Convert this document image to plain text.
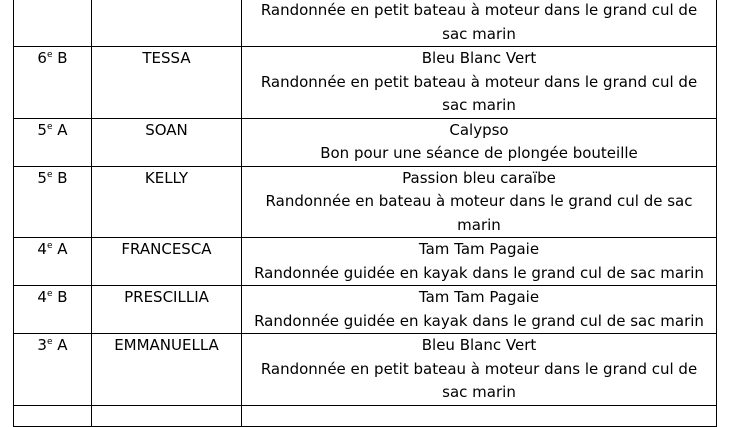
		Randonnée en petit bateau à moteur dans le grand cul de
sac marin

6e B	TESSA	Bleu Blanc Vert
Randonnée en petit bateau à moteur dans le grand cul de
sac marin

5e A	SOAN	Calypso
Bon pour une séance de plongée bouteille

5e B	KELLY	Passion bleu caraïbe
Randonnée en bateau à moteur dans le grand cul de sac
marin

4e A	FRANCESCA	Tam Tam Pagaie
Randonnée guidée en kayak dans le grand cul de sac marin

4e B	PRESCILLIA	Tam Tam Pagaie
Randonnée guidée en kayak dans le grand cul de sac marin

3e A	EMMANUELLA	Bleu Blanc Vert
Randonnée en petit bateau à moteur dans le grand cul de
sac marin
